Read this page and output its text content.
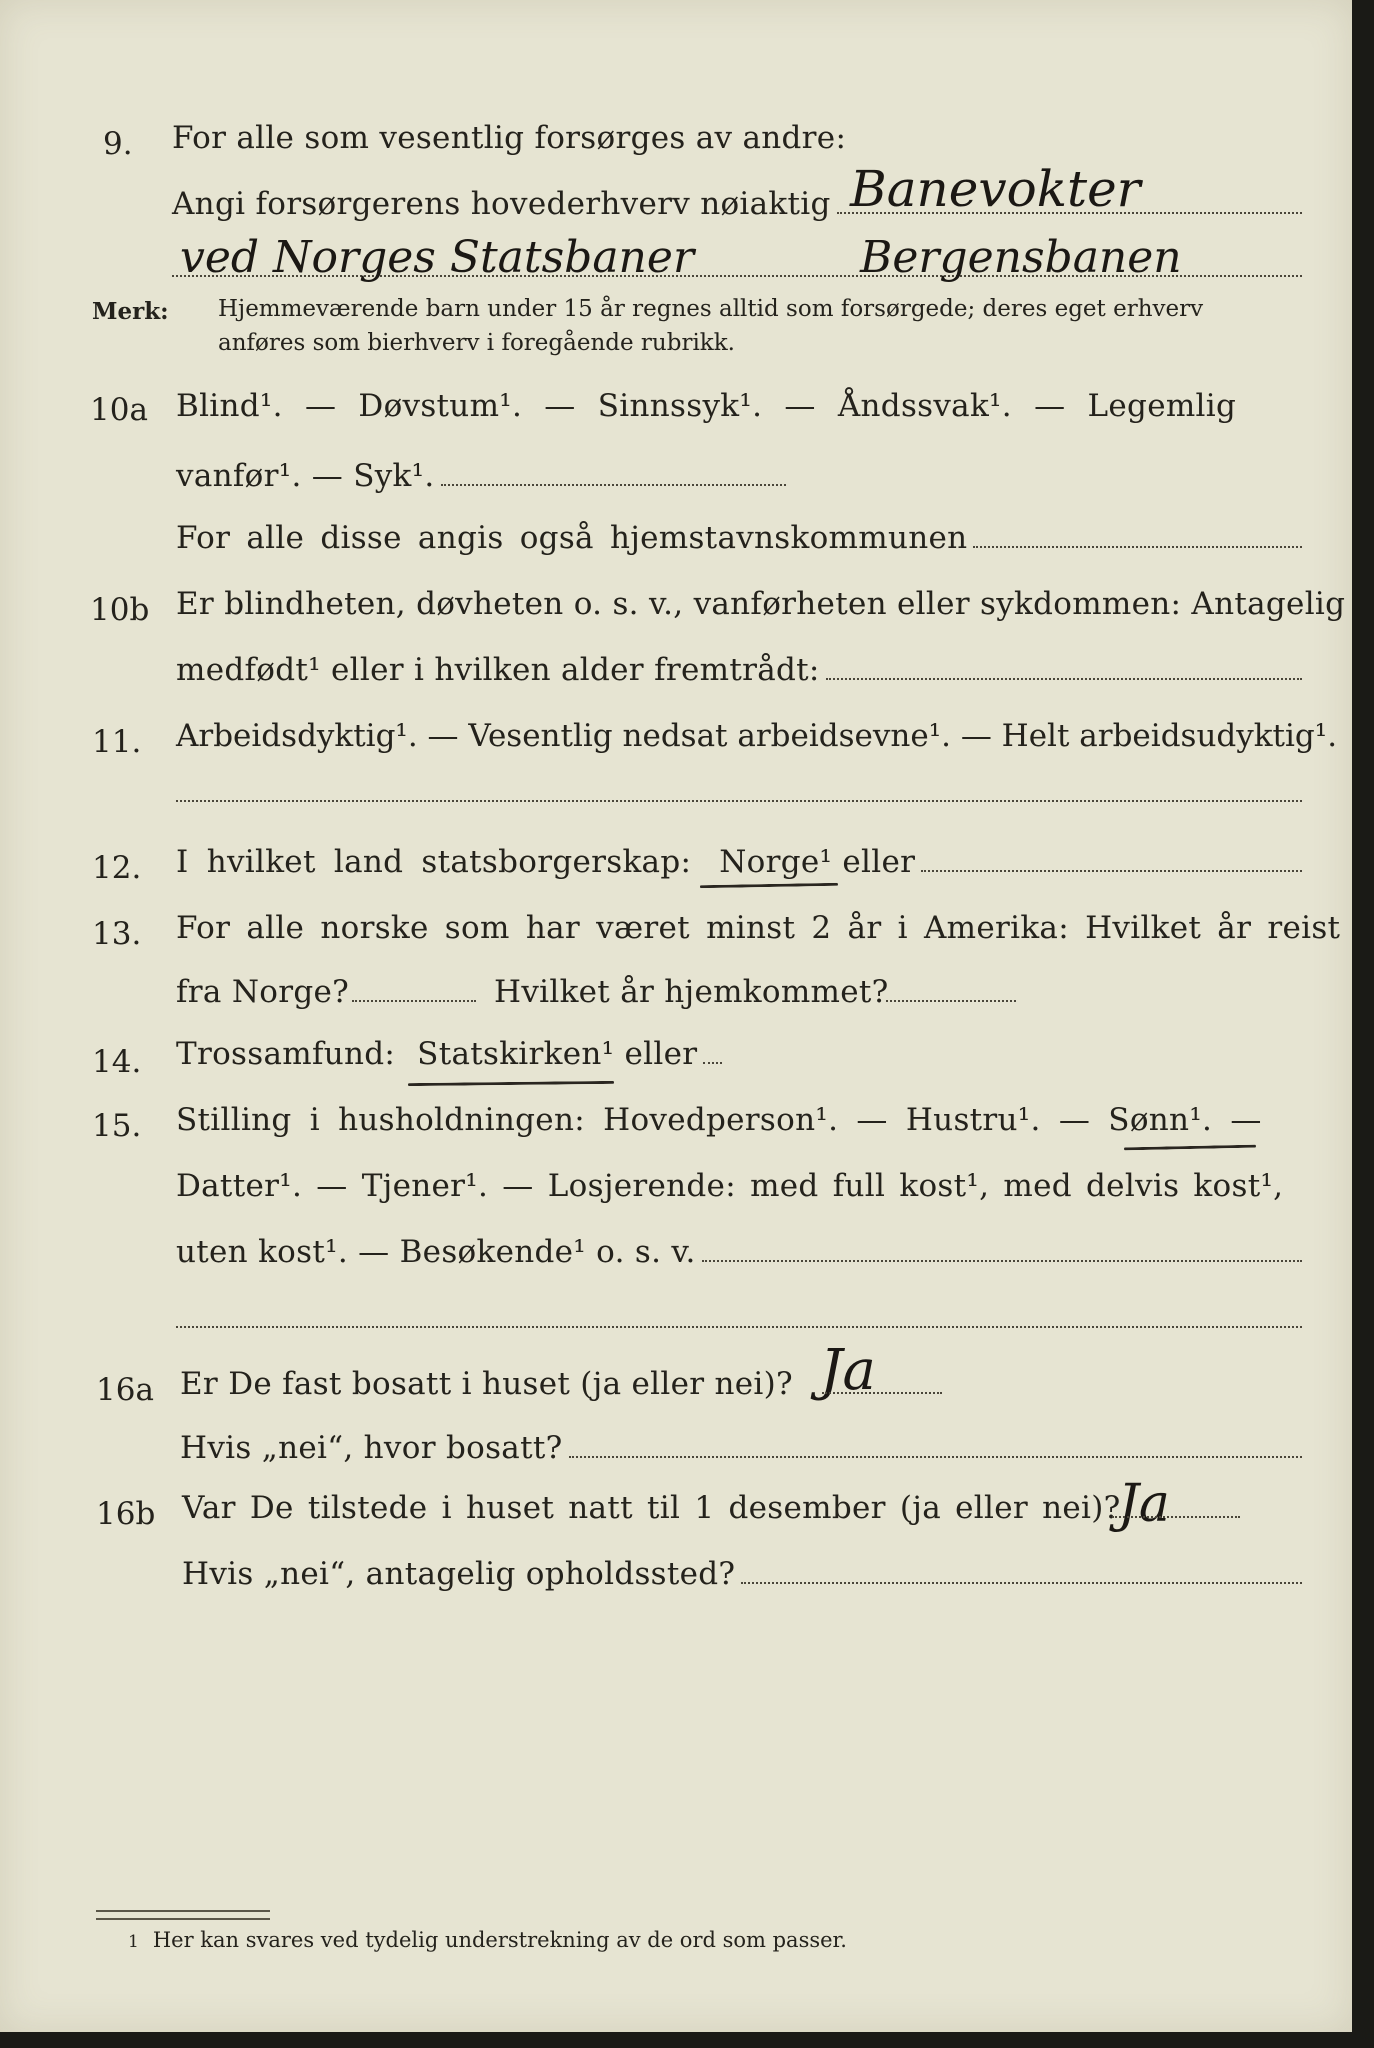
9. For alle som vesentlig forsørges av andre:
Angi forsørgerens hovederhverv nøiaktig Banevokter
ved Norges Statsbaner	Bergensbanen
Merk: Hjemmeværende barn under 15 år regnes alltid som forsørgede; deres eget erhverv
anføres som bierhverv i foregående rubrikk.
10a Blind¹. — Døvstum¹. — Sinnssyk¹. — Åndssvak¹. — Legemlig
vanfør¹. — Syk¹.
For alle disse angis også hjemstavnskommunen
10b Er blindheten, døvheten o. s. v., vanførheten eller sykdommen: Antagelig
medfødt¹ eller i hvilken alder fremtrådt:
11. Arbeidsdyktig¹. — Vesentlig nedsat arbeidsevne¹. — Helt arbeidsudyktig¹.
12. I hvilket land statsborgerskap: Norge¹ eller
13. For alle norske som har været minst 2 år i Amerika: Hvilket år reist
fra Norge?	Hvilket år hjemkommet?
14. Trossamfund: Statskirken¹ eller
15. Stilling i husholdningen: Hovedperson¹. — Hustru¹. — Sønn¹. —
Datter¹. — Tjener¹. — Losjerende: med full kost¹, med delvis kost¹,
uten kost¹. — Besøkende¹ o. s. v.
16a Er De fast bosatt i huset (ja eller nei)? Ja
Hvis „nei“, hvor bosatt?
16b Var De tilstede i huset natt til 1 desember (ja eller nei)?
Ja
Hvis „nei“, antagelig opholdssted?
1 Her kan svares ved tydelig understrekning av de ord som passer.
